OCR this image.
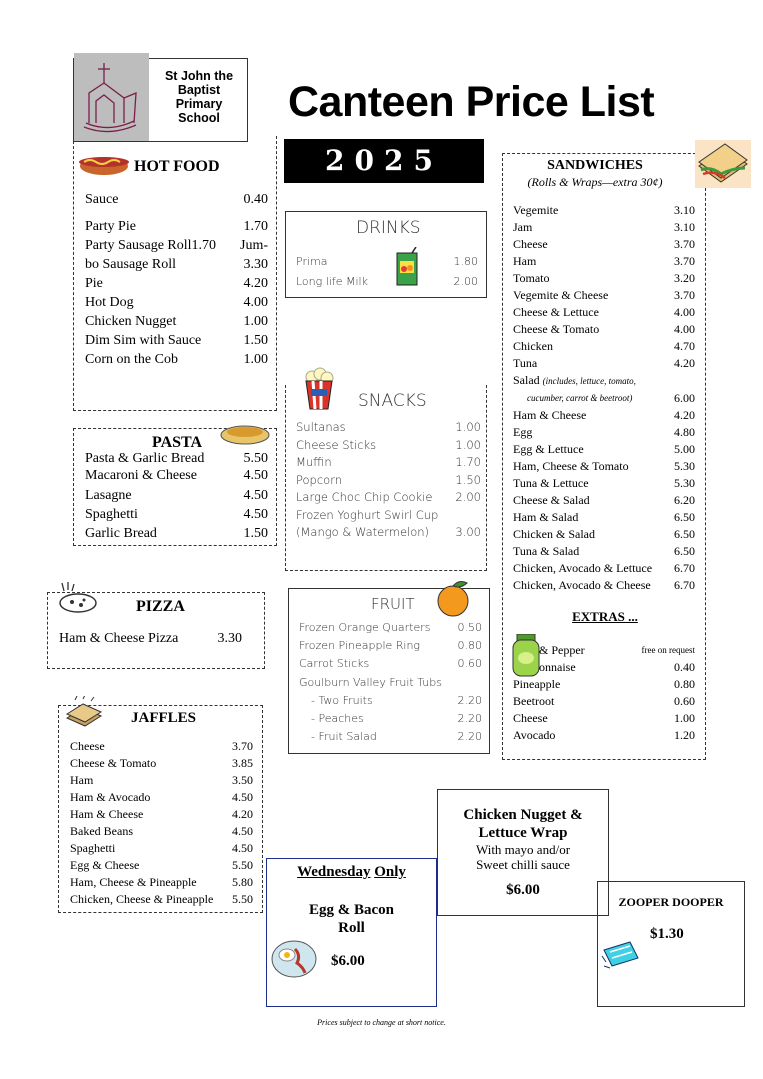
St John the
Baptist
Primary
School	Canteen Price List
2025
HOT FOOD
Sauce	0.40
Party Pie	1.70
Party Sausage Roll1.70 Jum-
bo Sausage Roll	3.30
Pie	4.20
Hot Dog	4.00
Chicken Nugget	1.00
Dim Sim with Sauce	1.50
Corn on the Cob	1.00
PASTA
Pasta & Garlic Bread	5.50
Macaroni & Cheese	4.50
Lasagne	4.50
Spaghetti	4.50
Garlic Bread	1.50
PIZZA
Ham & Cheese Pizza	3.30
JAFFLES
Cheese	3.70
Cheese & Tomato	3.85
Ham	3.50
Ham & Avocado	4.50
Ham & Cheese	4.20
Baked Beans	4.50
Spaghetti	4.50
Egg & Cheese	5.50
Ham, Cheese & Pineapple	5.80
Chicken, Cheese & Pineapple 5.50
DRINKS
Prima	1.80
Long life Milk	2.00
SNACKS
Sultanas	1.00
Cheese Sticks	1.00
Muffin	1.70
Popcorn	1.50
Large Choc Chip Cookie 2.00
Frozen Yoghurt Swirl Cup
(Mango & Watermelon) 3.00
FRUIT
Frozen Orange Quarters 0.50
Frozen Pineapple Ring	0.80
Carrot Sticks	0.60
Goulburn Valley Fruit Tubs
- Two Fruits	2.20
- Peaches	2.20
- Fruit Salad	2.20
SANDWICHES
(Rolls & Wraps—extra 30¢)
Vegemite	3.10
Jam	3.10
Cheese	3.70
Ham	3.70
Tomato	3.20
Vegemite & Cheese	3.70
Cheese & Lettuce	4.00
Cheese & Tomato	4.00
Chicken	4.70
Tuna	4.20
Salad (includes, lettuce, tomato,
cucumber, carrot & beetroot)	6.00
Ham & Cheese	4.20
Egg	4.80
Egg & Lettuce	5.00
Ham, Cheese & Tomato	5.30
Tuna & Lettuce	5.30
Cheese & Salad	6.20
Ham & Salad	6.50
Chicken & Salad	6.50
Tuna & Salad	6.50
Chicken, Avocado & Lettuce 6.70
Chicken, Avocado & Cheese 6.70
EXTRAS ...
& Pepper	free on request
onnaise	0.40
Pineapple	0.80
Beetroot	0.60
Cheese	1.00
Avocado	1.20
Wednesday Only
Egg & Bacon
Roll
$6.00
Chicken Nugget &
Lettuce Wrap
With mayo and/or
Sweet chilli sauce
$6.00
ZOOPER DOOPER
$1.30
Prices subject to change at short notice.
